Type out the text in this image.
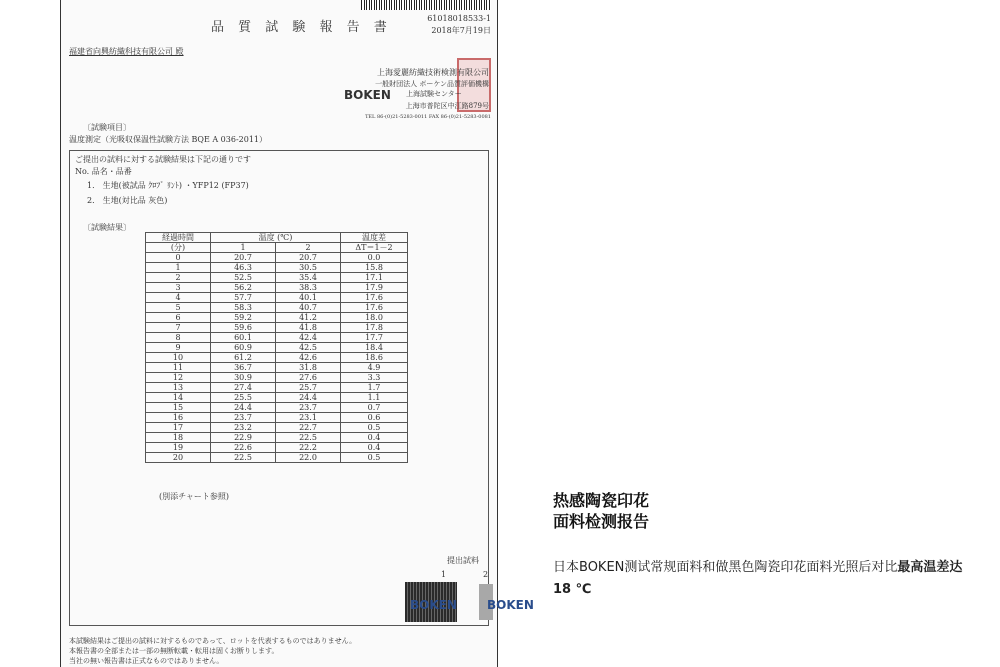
品 質 試 験 報 告 書
61018018533-1
2018年7月19日
福建省向興紡織科技有限公司 殿
上海愛麗紡織技術検測有限公司
一般財団法人 ボーケン品質評価機構
BOKEN 上海試験センター
上海市普陀区中江路879号
TEL 86-(0)21-5283-0011 FAX 86-(0)21-5283-0081
〔試験項目〕
温度測定（光吸収保温性試験方法 BQE A 036-2011）
ご提出の試料に対する試験結果は下記の通りです
No. 品名・品番
1． 生地(被試品 ｸﾛﾌﾞ ﾘﾝﾄ) ・YFP12 (FP37)
2． 生地(対比品 灰色)
〔試験結果〕
経過時間	温度 (℃)		温度差
(分)	1	2	ΔT＝1－2
0	20.7	20.7	0.0
1	46.3	30.5	15.8
2	52.5	35.4	17.1
3	56.2	38.3	17.9
4	57.7	40.1	17.6
5	58.3	40.7	17.6
6	59.2	41.2	18.0
7	59.6	41.8	17.8
8	60.1	42.4	17.7
9	60.9	42.5	18.4
10	61.2	42.6	18.6
11	36.7	31.8	4.9
12	30.9	27.6	3.3
13	27.4	25.7	1.7
14	25.5	24.4	1.1
15	24.4	23.7	0.7
16	23.7	23.1	0.6
17	23.2	22.7	0.5
18	22.9	22.5	0.4
19	22.6	22.2	0.4
20	22.5	22.0	0.5
(別添チャート参照)
提出試料
1	2
BOKEN	BOKEN
本試験結果はご提出の試料に対するものであって、ロットを代表するものではありません。
本報告書の全部または一部の無断転載・転用は固くお断りします。
当社の無い報告書は正式なものではありません。
热感陶瓷印花
面料检测报告
日本BOKEN测试常规面料和做黑色陶瓷印花面料光照后对比最高温差达18 ℃
